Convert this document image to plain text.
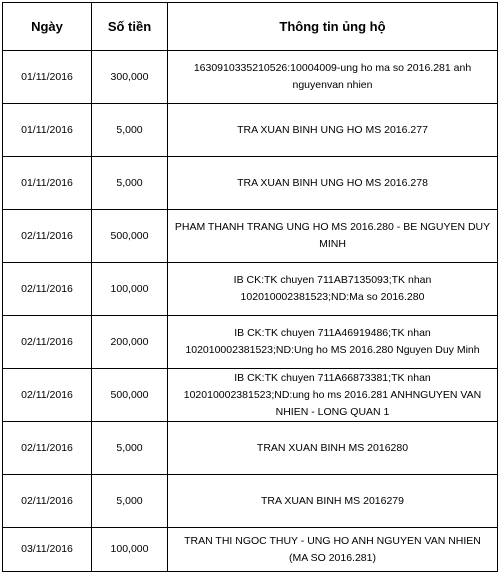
Ngày	Số tiền	Thông tin ủng hộ
01/11/2016	300,000	1630910335210526:10004009-ung ho ma so 2016.281 anh nguyenvan nhien
01/11/2016	5,000	TRA XUAN BINH UNG HO MS 2016.277
01/11/2016	5,000	TRA XUAN BINH UNG HO MS 2016.278
02/11/2016	500,000	PHAM THANH TRANG UNG HO MS 2016.280 - BE NGUYEN DUY MINH
02/11/2016	100,000	IB CK:TK chuyen 711AB7135093;TK nhan 102010002381523;ND:Ma so 2016.280
02/11/2016	200,000	IB CK:TK chuyen 711A46919486;TK nhan 102010002381523;ND:Ung ho MS 2016.280 Nguyen Duy Minh
02/11/2016	500,000	IB CK:TK chuyen 711A66873381;TK nhan 102010002381523;ND:ung ho ms 2016.281 ANHNGUYEN VAN NHIEN - LONG QUAN 1
02/11/2016	5,000	TRAN XUAN BINH MS 2016280
02/11/2016	5,000	TRA XUAN BINH MS 2016279
03/11/2016	100,000	TRAN THI NGOC THUY - UNG HO ANH NGUYEN VAN NHIEN (MA SO 2016.281)
